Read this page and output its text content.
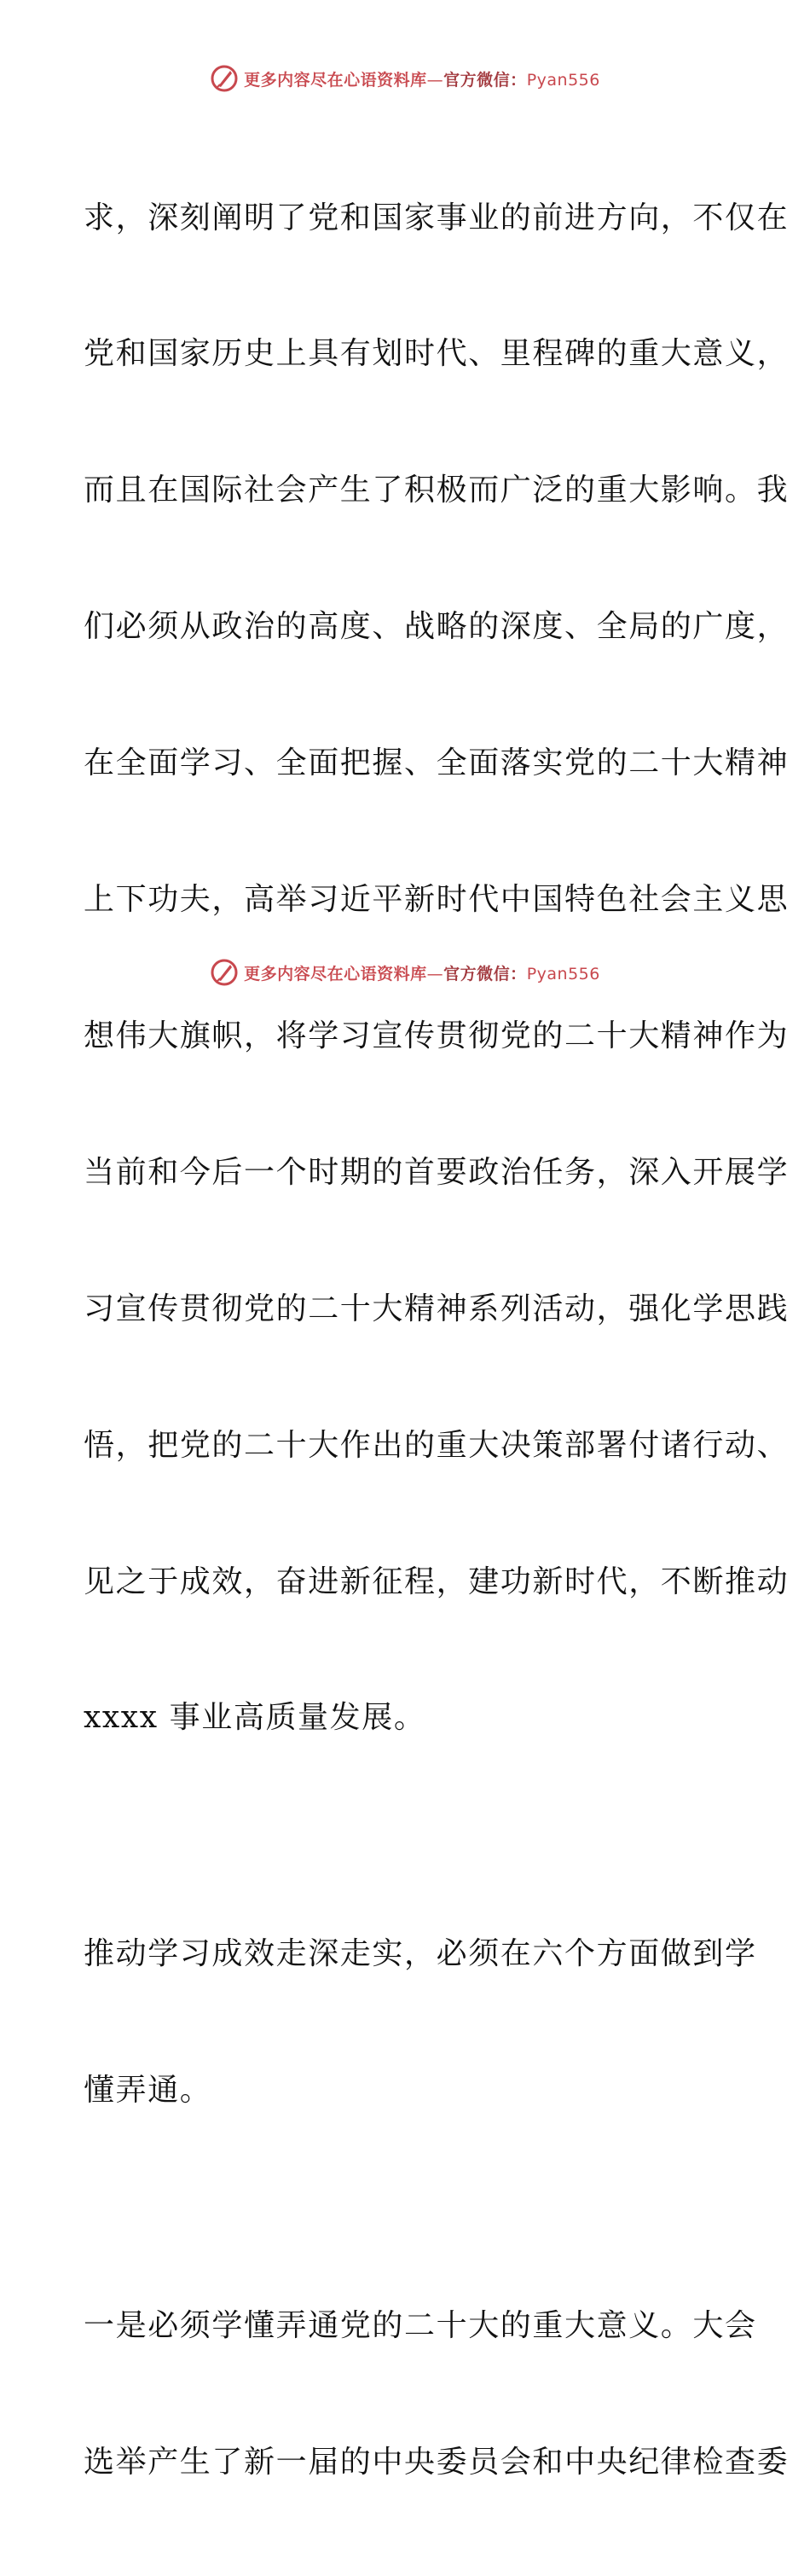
更多内容尽在心语资料库—官方微信：Pyan556

求，深刻阐明了党和国家事业的前进方向，不仅在

党和国家历史上具有划时代、里程碑的重大意义，

而且在国际社会产生了积极而广泛的重大影响。我

们必须从政治的高度、战略的深度、全局的广度，

在全面学习、全面把握、全面落实党的二十大精神

上下功夫，高举习近平新时代中国特色社会主义思

想伟大旗帜，将学习宣传贯彻党的二十大精神作为

当前和今后一个时期的首要政治任务，深入开展学

习宣传贯彻党的二十大精神系列活动，强化学思践

悟，把党的二十大作出的重大决策部署付诸行动、

见之于成效，奋进新征程，建功新时代，不断推动

xxxx 事业高质量发展。

推动学习成效走深走实，必须在六个方面做到学

懂弄通。

一是必须学懂弄通党的二十大的重大意义。大会

选举产生了新一届的中央委员会和中央纪律检查委

更多内容尽在心语资料库—官方微信：Pyan556
